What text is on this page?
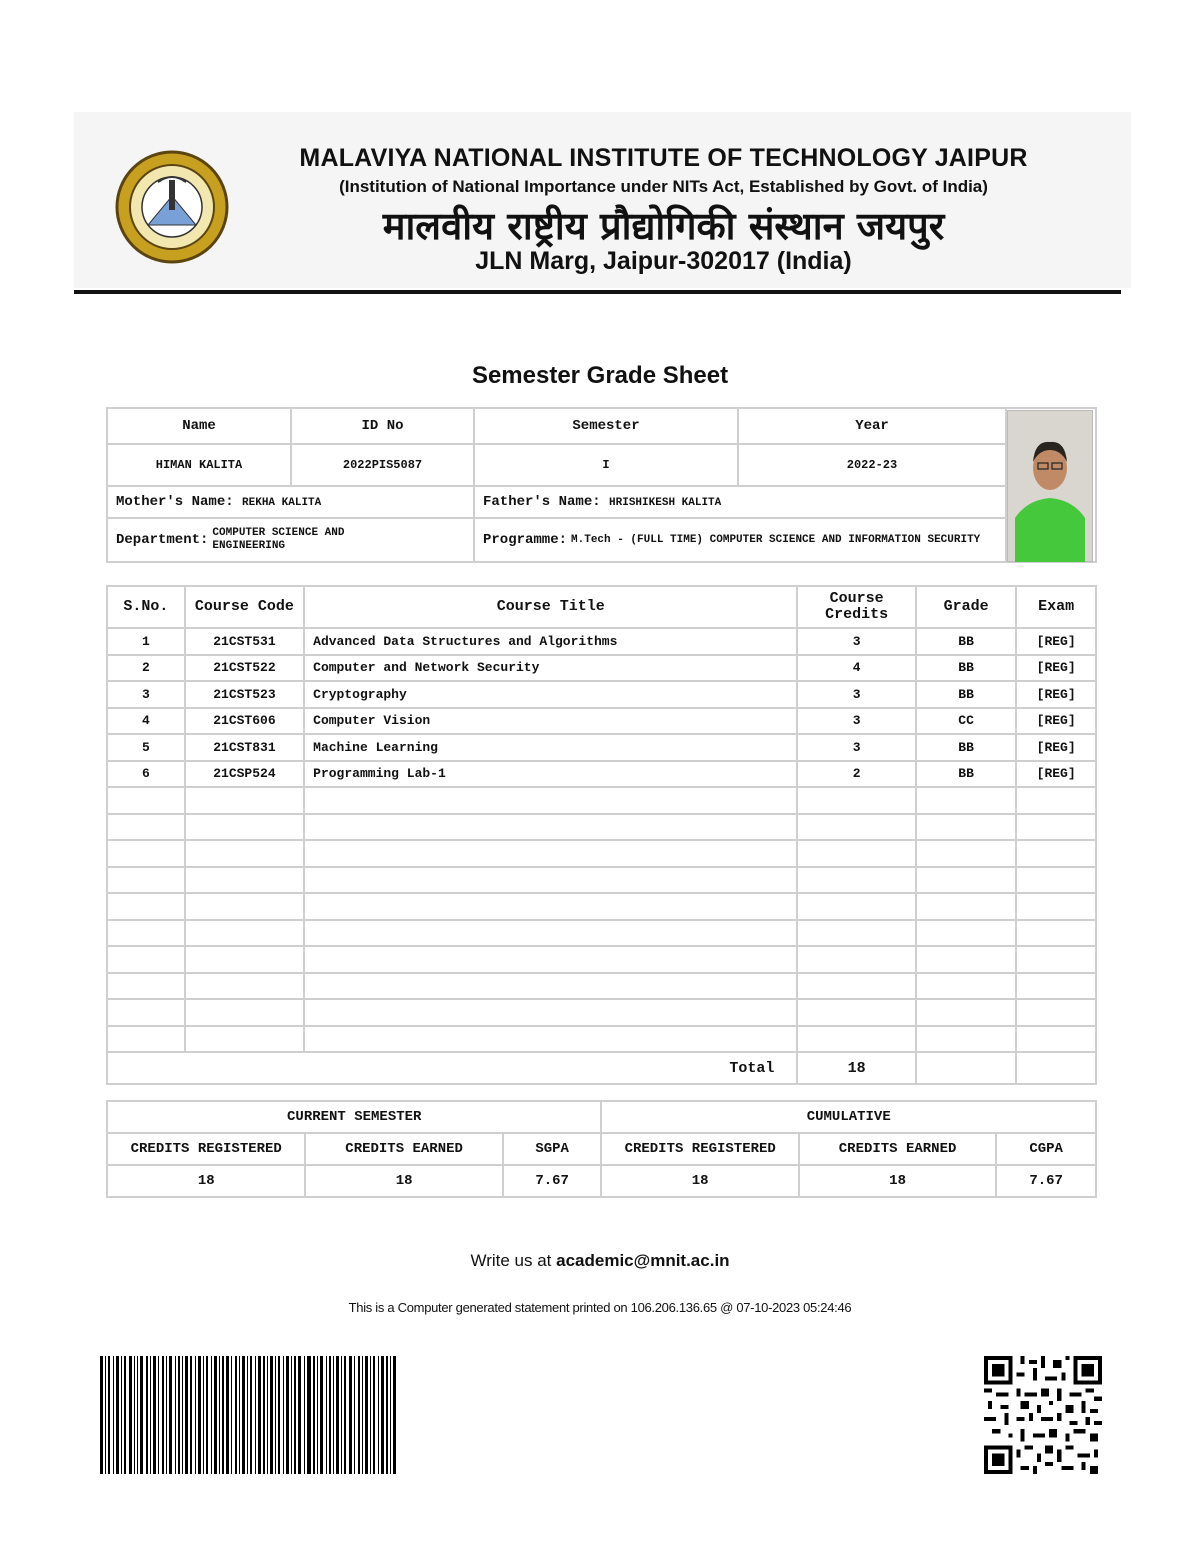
MALAVIYA NATIONAL INSTITUTE OF TECHNOLOGY JAIPUR
(Institution of National Importance under NITs Act, Established by Govt. of India)
मालवीय राष्ट्रीय प्रौद्योगिकी संस्थान जयपुर
JLN Marg, Jaipur-302017 (India)
Semester Grade Sheet
Name	ID No	Semester	Year	
HIMAN KALITA	2022PIS5087	I	2022-23	
Mother's Name: REKHA KALITA		Father's Name: HRISHIKESH KALITA		

Department: COMPUTER SCIENCE AND ENGINEERING		Programme: M.Tech - (FULL TIME) COMPUTER SCIENCE AND INFORMATION SECURITY		
S.No.	Course Code	Course Title	Course Credits	Grade	Exam
1	21CST531	Advanced Data Structures and Algorithms	3	BB	[REG]
2	21CST522	Computer and Network Security	4	BB	[REG]
3	21CST523	Cryptography	3	BB	[REG]
4	21CST606	Computer Vision	3	CC	[REG]
5	21CST831	Machine Learning	3	BB	[REG]
6	21CSP524	Programming Lab-1	2	BB	[REG]

Total			18		
CURRENT SEMESTER			CUMULATIVE		
CREDITS REGISTERED	CREDITS EARNED	SGPA	CREDITS REGISTERED	CREDITS EARNED	CGPA
18	18	7.67	18	18	7.67
Write us at academic@mnit.ac.in
This is a Computer generated statement printed on 106.206.136.65 @ 07-10-2023 05:24:46
